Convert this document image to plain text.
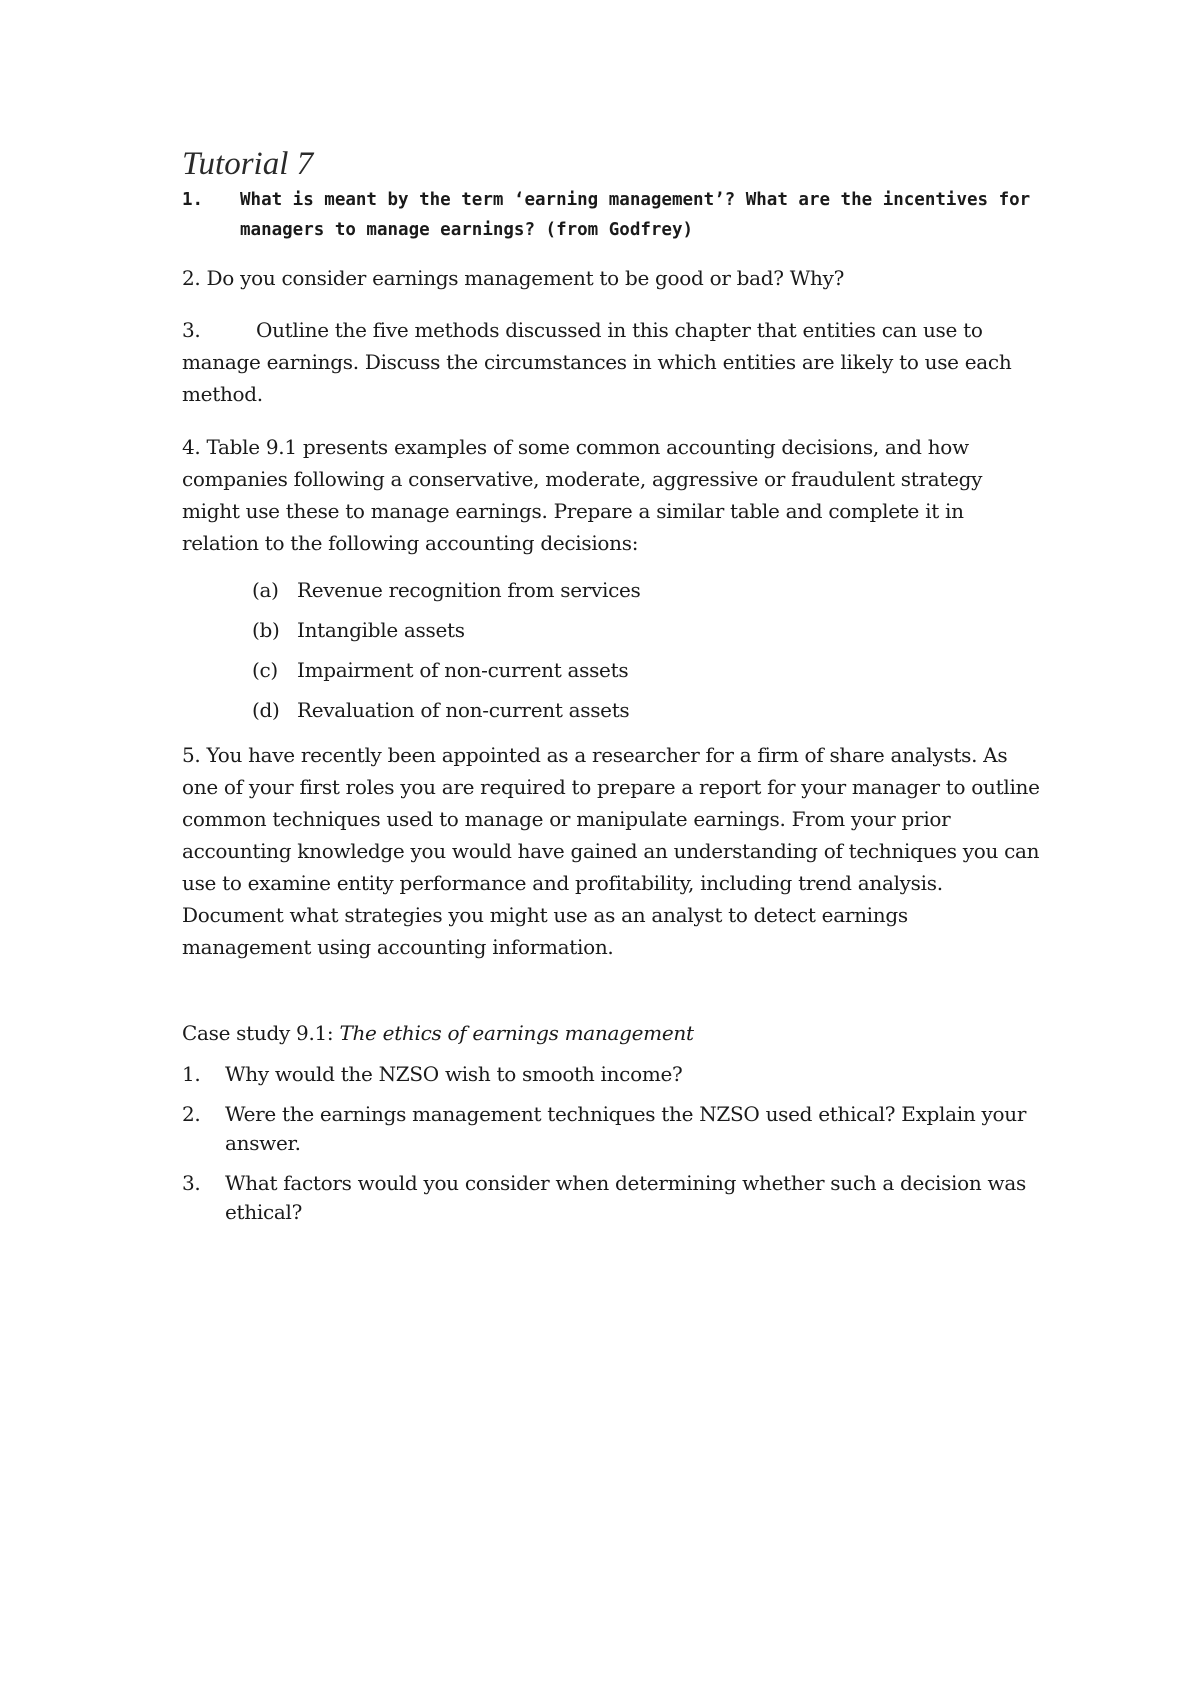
Tutorial 7
1. What is meant by the term ‘earning management’? What are the incentives for managers to manage earnings? (from Godfrey)

2. Do you consider earnings management to be good or bad? Why?

3.	Outline the five methods discussed in this chapter that entities can use to manage earnings. Discuss the circumstances in which entities are likely to use each method.

4. Table 9.1 presents examples of some common accounting decisions, and how companies following a conservative, moderate, aggressive or fraudulent strategy might use these to manage earnings. Prepare a similar table and complete it in relation to the following accounting decisions:

(a) Revenue recognition from services
(b) Intangible assets
(c) Impairment of non-current assets
(d) Revaluation of non-current assets

5. You have recently been appointed as a researcher for a firm of share analysts. As one of your first roles you are required to prepare a report for your manager to outline common techniques used to manage or manipulate earnings. From your prior accounting knowledge you would have gained an understanding of techniques you can use to examine entity performance and profitability, including trend analysis. Document what strategies you might use as an analyst to detect earnings management using accounting information.

Case study 9.1: The ethics of earnings management

1. Why would the NZSO wish to smooth income?
2. Were the earnings management techniques the NZSO used ethical? Explain your answer.
3. What factors would you consider when determining whether such a decision was ethical?
